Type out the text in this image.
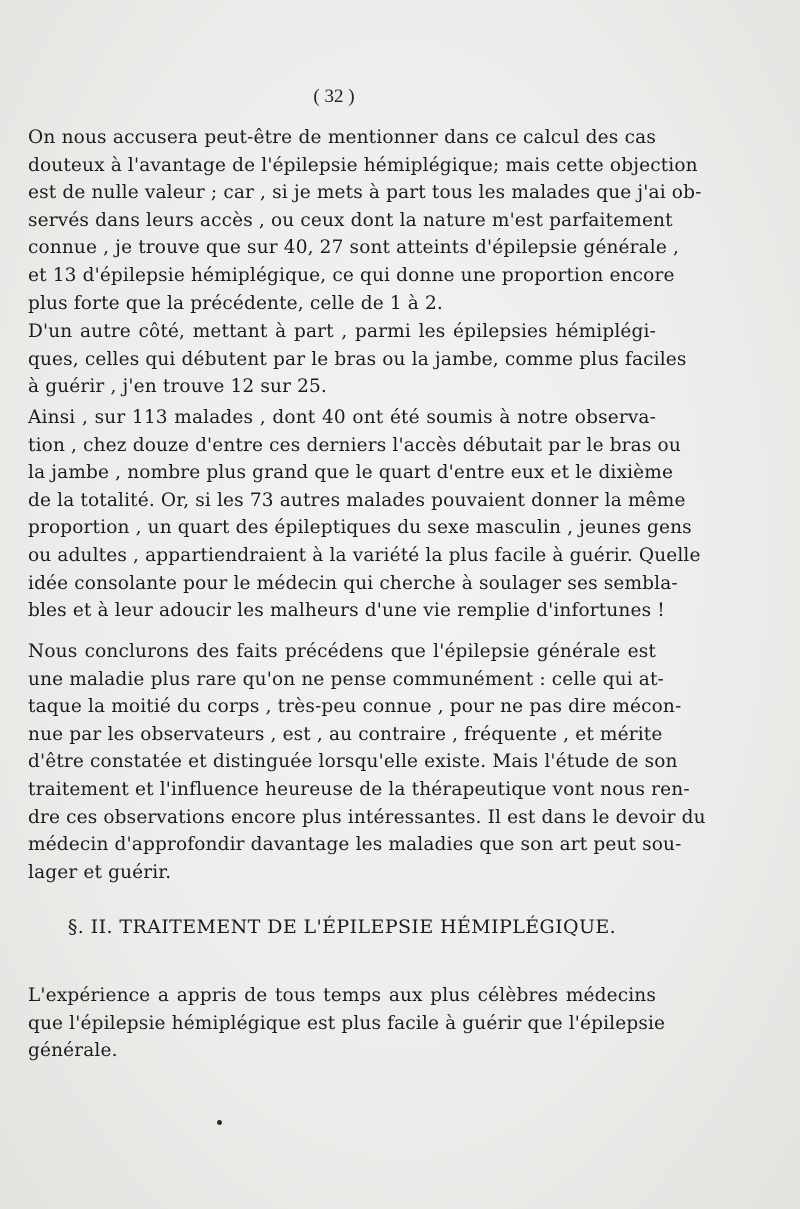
( 32 )
On nous accusera peut-être de mentionner dans ce calcul des cas
douteux à l'avantage de l'épilepsie hémiplégique; mais cette objection
est de nulle valeur ; car , si je mets à part tous les malades que j'ai ob-
servés dans leurs accès , ou ceux dont la nature m'est parfaitement
connue , je trouve que sur 40, 27 sont atteints d'épilepsie générale ,
et 13 d'épilepsie hémiplégique, ce qui donne une proportion encore
plus forte que la précédente, celle de 1 à 2.
D'un autre côté, mettant à part , parmi les épilepsies hémiplégi-
ques, celles qui débutent par le bras ou la jambe, comme plus faciles
à guérir , j'en trouve 12 sur 25.
Ainsi , sur 113 malades , dont 40 ont été soumis à notre observa-
tion , chez douze d'entre ces derniers l'accès débutait par le bras ou
la jambe , nombre plus grand que le quart d'entre eux et le dixième
de la totalité. Or, si les 73 autres malades pouvaient donner la même
proportion , un quart des épileptiques du sexe masculin , jeunes gens
ou adultes , appartiendraient à la variété la plus facile à guérir. Quelle
idée consolante pour le médecin qui cherche à soulager ses sembla-
bles et à leur adoucir les malheurs d'une vie remplie d'infortunes !
Nous conclurons des faits précédens que l'épilepsie générale est
une maladie plus rare qu'on ne pense communément : celle qui at-
taque la moitié du corps , très-peu connue , pour ne pas dire mécon-
nue par les observateurs , est , au contraire , fréquente , et mérite
d'être constatée et distinguée lorsqu'elle existe. Mais l'étude de son
traitement et l'influence heureuse de la thérapeutique vont nous ren-
dre ces observations encore plus intéressantes. Il est dans le devoir du
médecin d'approfondir davantage les maladies que son art peut sou-
lager et guérir.
§. II. TRAITEMENT DE L'ÉPILEPSIE HÉMIPLÉGIQUE.
L'expérience a appris de tous temps aux plus célèbres médecins
que l'épilepsie hémiplégique est plus facile à guérir que l'épilepsie
générale.
